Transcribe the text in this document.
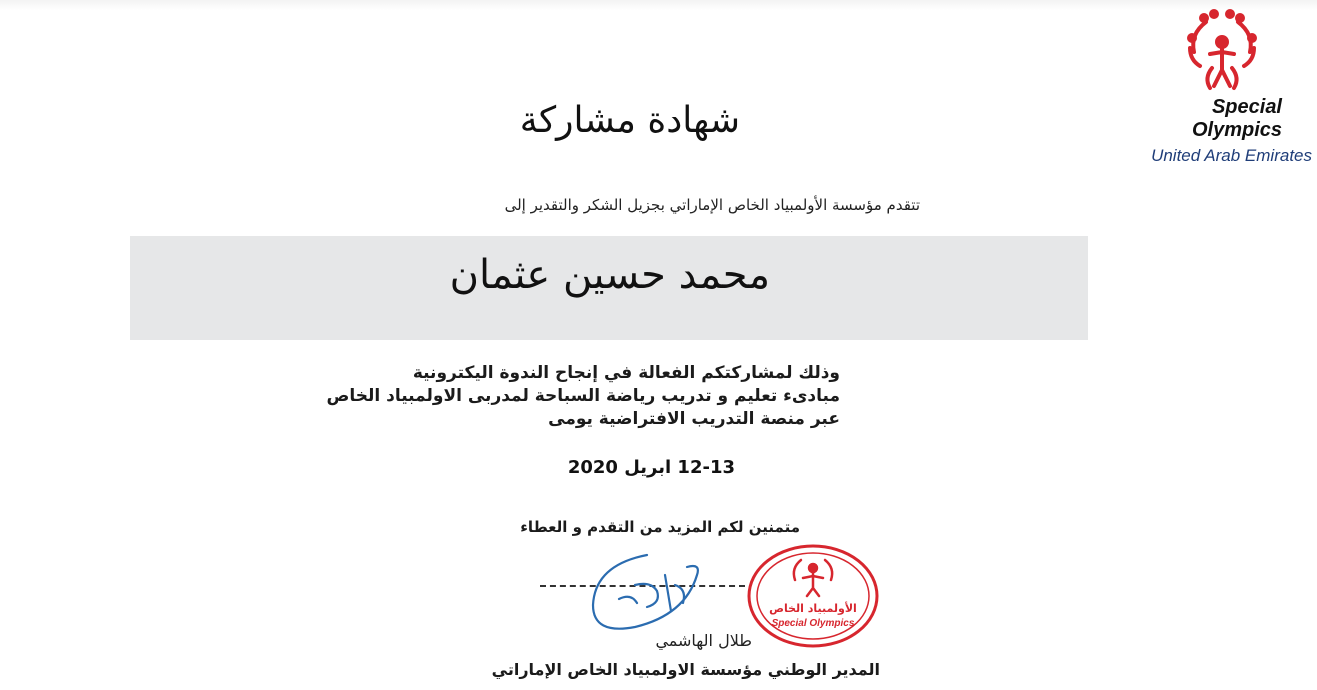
Special
Olympics
United Arab Emirates
شهادة مشاركة
تتقدم مؤسسة الأولمبياد الخاص الإماراتي بجزيل الشكر والتقدير إلى
محمد حسين عثمان
وذلك لمشاركتكم الفعالة في إنجاح الندوة اليكترونية
مبادىء تعليم و تدريب رياضة السباحة لمدربى الاولمبياد الخاص
عبر منصة التدريب الافتراضية يومى
12-13 ابريل 2020
متمنين لكم المزيد من التقدم و العطاء
الأولمبياد الخاص
Special Olympics
طلال الهاشمي
المدير الوطني مؤسسة الاولمبياد الخاص الإماراتي
